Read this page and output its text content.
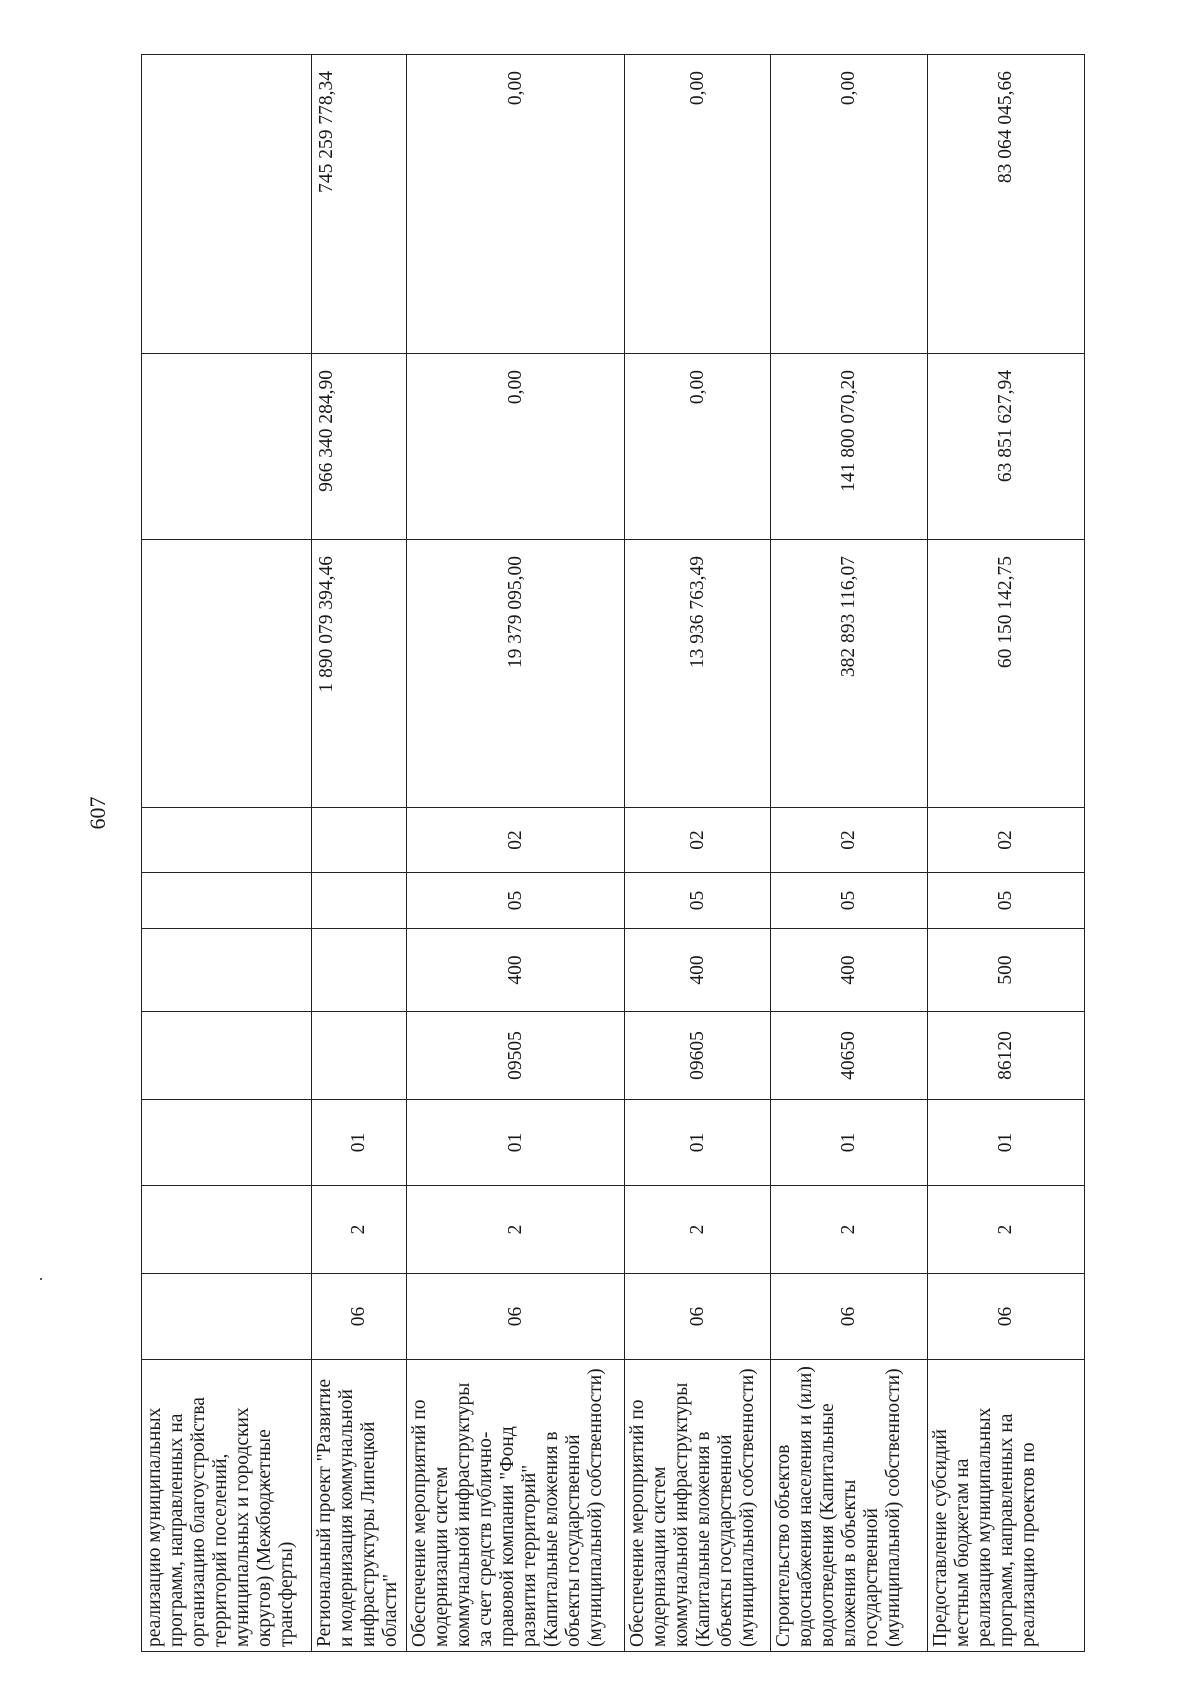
607
реализацию муниципальных программ, направленных на организацию благоустройства территорий поселений, муниципальных и городских округов) (Межбюджетные трансферты)										
Региональный проект "Развитие и модернизация коммунальной инфраструктуры Липецкой области"	06	2	01					1 890 079 394,46	966 340 284,90	745 259 778,34
Обеспечение мероприятий по модернизации систем коммунальной инфраструктуры за счет средств публично-правовой компании "Фонд развития территорий" (Капитальные вложения в объекты государственной (муниципальной) собственности)	06	2	01	09505	400	05	02	19 379 095,00	0,00	0,00
Обеспечение мероприятий по модернизации систем коммунальной инфраструктуры (Капитальные вложения в объекты государственной (муниципальной) собственности)	06	2	01	09605	400	05	02	13 936 763,49	0,00	0,00
Строительство объектов водоснабжения населения и (или) водоотведения (Капитальные вложения в объекты государственной (муниципальной) собственности)	06	2	01	40650	400	05	02	382 893 116,07	141 800 070,20	0,00
Предоставление субсидий местным бюджетам на реализацию муниципальных программ, направленных на реализацию проектов по	06	2	01	86120	500	05	02	60 150 142,75	63 851 627,94	83 064 045,66
